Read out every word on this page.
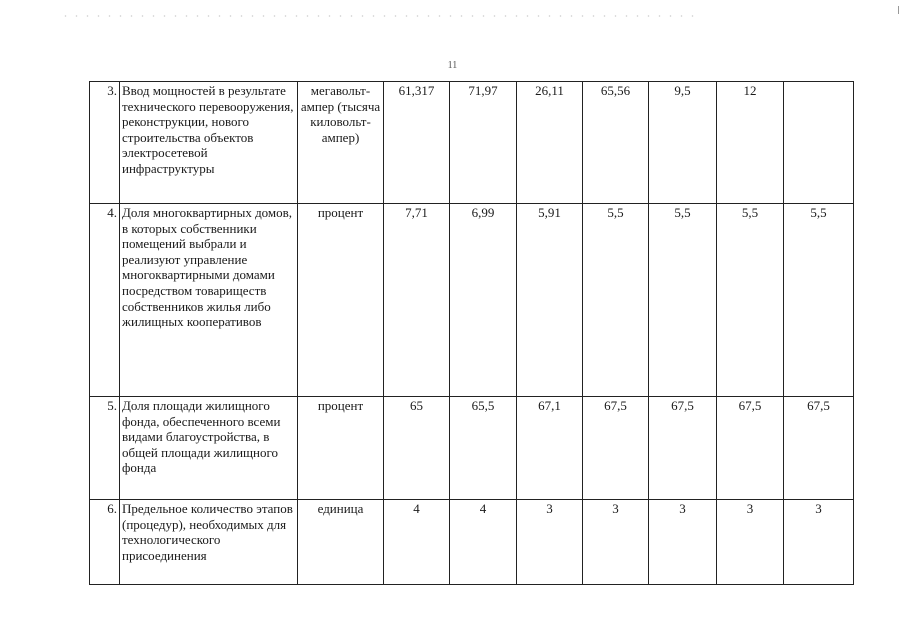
11
3.	Ввод мощностей в результате технического перевооружения, реконструкции, нового строительства объектов электросетевой инфраструктуры	мегавольт-ампер (тысяча киловольт-ампер)	61,317	71,97	26,11	65,56	9,5	12	
4.	Доля многоквартирных домов, в которых собственники помещений выбрали и реализуют управление многоквартирными домами посредством товариществ собственников жилья либо жилищных кооперативов	процент	7,71	6,99	5,91	5,5	5,5	5,5	5,5
5.	Доля площади жилищного фонда, обеспеченного всеми видами благоустройства, в общей площади жилищного фонда	процент	65	65,5	67,1	67,5	67,5	67,5	67,5
6.	Предельное количество этапов (процедур), необходимых для технологического присоединения	единица	4	4	3	3	3	3	3
